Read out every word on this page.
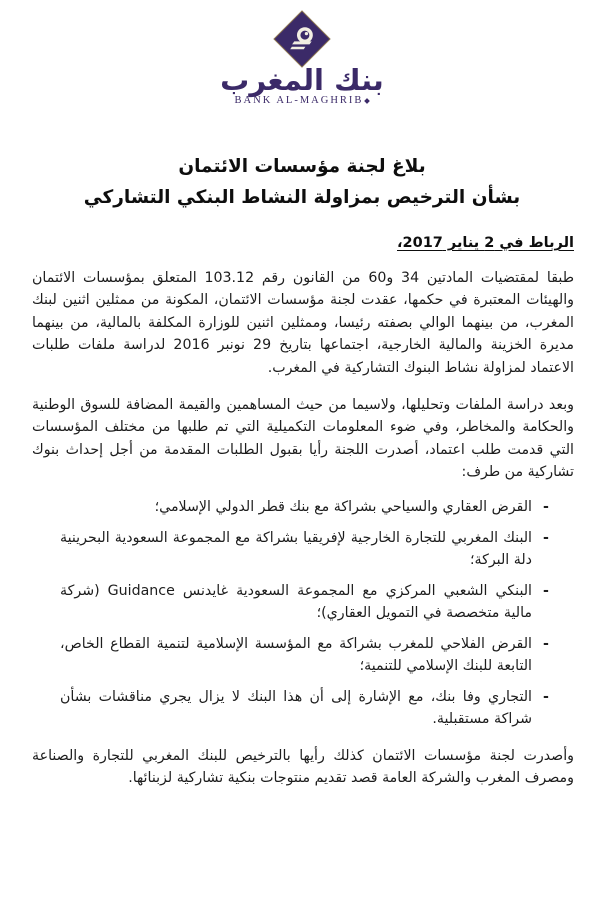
بنك المغرب
BANK AL-MAGHRIB
بلاغ لجنة مؤسسات الائتمان
بشأن الترخيص بمزاولة النشاط البنكي التشاركي
الرباط في 2 يناير 2017،

طبقا لمقتضيات المادتين 34 و60 من القانون رقم 103.12 المتعلق بمؤسسات الائتمان والهيئات المعتبرة في حكمها، عقدت لجنة مؤسسات الائتمان، المكونة من ممثلين اثنين لبنك المغرب، من بينهما الوالي بصفته رئيسا، وممثلين اثنين للوزارة المكلفة بالمالية، من بينهما مديرة الخزينة والمالية الخارجية، اجتماعها بتاريخ 29 نونبر 2016 لدراسة ملفات طلبات الاعتماد لمزاولة نشاط البنوك التشاركية في المغرب.

وبعد دراسة الملفات وتحليلها، ولاسيما من حيث المساهمين والقيمة المضافة للسوق الوطنية والحكامة والمخاطر، وفي ضوء المعلومات التكميلية التي تم طلبها من مختلف المؤسسات التي قدمت طلب اعتماد، أصدرت اللجنة رأيا بقبول الطلبات المقدمة من أجل إحداث بنوك تشاركية من طرف:

-
القرض العقاري والسياحي بشراكة مع بنك قطر الدولي الإسلامي؛
-
البنك المغربي للتجارة الخارجية لإفريقيا بشراكة مع المجموعة السعودية البحرينية دلة البركة؛
-
البنكي الشعبي المركزي مع المجموعة السعودية غايدنس Guidance (شركة مالية متخصصة في التمويل العقاري)؛
-
القرض الفلاحي للمغرب بشراكة مع المؤسسة الإسلامية لتنمية القطاع الخاص، التابعة للبنك الإسلامي للتنمية؛
-
التجاري وفا بنك، مع الإشارة إلى أن هذا البنك لا يزال يجري مناقشات بشأن شراكة مستقبلية.

وأصدرت لجنة مؤسسات الائتمان كذلك رأيها بالترخيص للبنك المغربي للتجارة والصناعة ومصرف المغرب والشركة العامة قصد تقديم منتوجات بنكية تشاركية لزبنائها.
